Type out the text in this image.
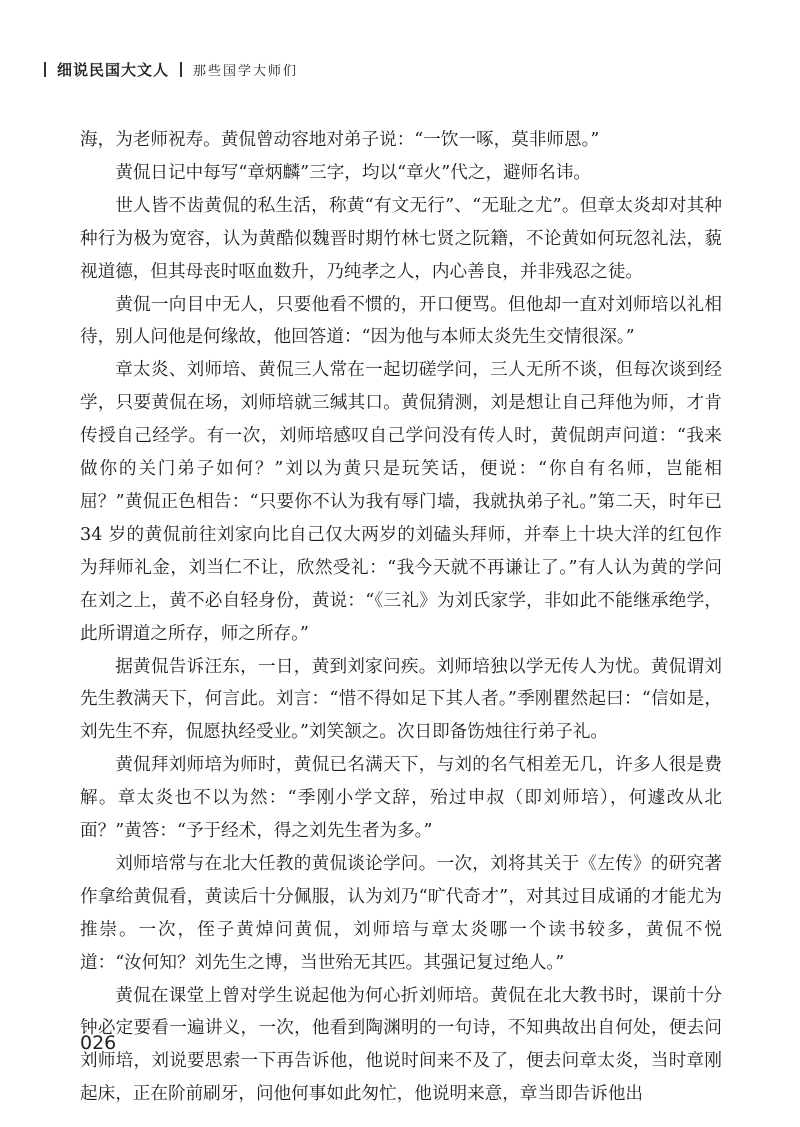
细说民国大文人 那些国学大师们

海，为老师祝寿。黄侃曾动容地对弟子说：“一饮一啄，莫非师恩。”

黄侃日记中每写“章炳麟”三字，均以“章火”代之，避师名讳。

世人皆不齿黄侃的私生活，称黄“有文无行”、“无耻之尤”。但章太炎却对其种种行为极为宽容，认为黄酷似魏晋时期竹林七贤之阮籍，不论黄如何玩忽礼法，藐视道德，但其母丧时呕血数升，乃纯孝之人，内心善良，并非残忍之徒。

黄侃一向目中无人，只要他看不惯的，开口便骂。但他却一直对刘师培以礼相待，别人问他是何缘故，他回答道：“因为他与本师太炎先生交情很深。”

章太炎、刘师培、黄侃三人常在一起切磋学问，三人无所不谈，但每次谈到经学，只要黄侃在场，刘师培就三缄其口。黄侃猜测，刘是想让自己拜他为师，才肯传授自己经学。有一次，刘师培感叹自己学问没有传人时，黄侃朗声问道：“我来做你的关门弟子如何？”刘以为黄只是玩笑话，便说：“你自有名师，岂能相屈？”黄侃正色相告：“只要你不认为我有辱门墙，我就执弟子礼。”第二天，时年已 34 岁的黄侃前往刘家向比自己仅大两岁的刘磕头拜师，并奉上十块大洋的红包作为拜师礼金，刘当仁不让，欣然受礼：“我今天就不再谦让了。”有人认为黄的学问在刘之上，黄不必自轻身份，黄说：“《三礼》为刘氏家学，非如此不能继承绝学，此所谓道之所存，师之所存。”

据黄侃告诉汪东，一日，黄到刘家问疾。刘师培独以学无传人为忧。黄侃谓刘先生教满天下，何言此。刘言：“惜不得如足下其人者。”季刚瞿然起曰：“信如是，刘先生不弃，侃愿执经受业。”刘笑颔之。次日即备饬烛往行弟子礼。

黄侃拜刘师培为师时，黄侃已名满天下，与刘的名气相差无几，许多人很是费解。章太炎也不以为然：“季刚小学文辞，殆过申叔（即刘师培），何遽改从北面？”黄答：“予于经术，得之刘先生者为多。”

刘师培常与在北大任教的黄侃谈论学问。一次，刘将其关于《左传》的研究著作拿给黄侃看，黄读后十分佩服，认为刘乃“旷代奇才”，对其过目成诵的才能尤为推崇。一次，侄子黄焯问黄侃，刘师培与章太炎哪一个读书较多，黄侃不悦道：“汝何知？刘先生之博，当世殆无其匹。其强记复过绝人。”

黄侃在课堂上曾对学生说起他为何心折刘师培。黄侃在北大教书时，课前十分钟必定要看一遍讲义，一次，他看到陶渊明的一句诗，不知典故出自何处，便去问刘师培，刘说要思索一下再告诉他，他说时间来不及了，便去问章太炎，当时章刚起床，正在阶前刷牙，问他何事如此匆忙，他说明来意，章当即告诉他出

026
